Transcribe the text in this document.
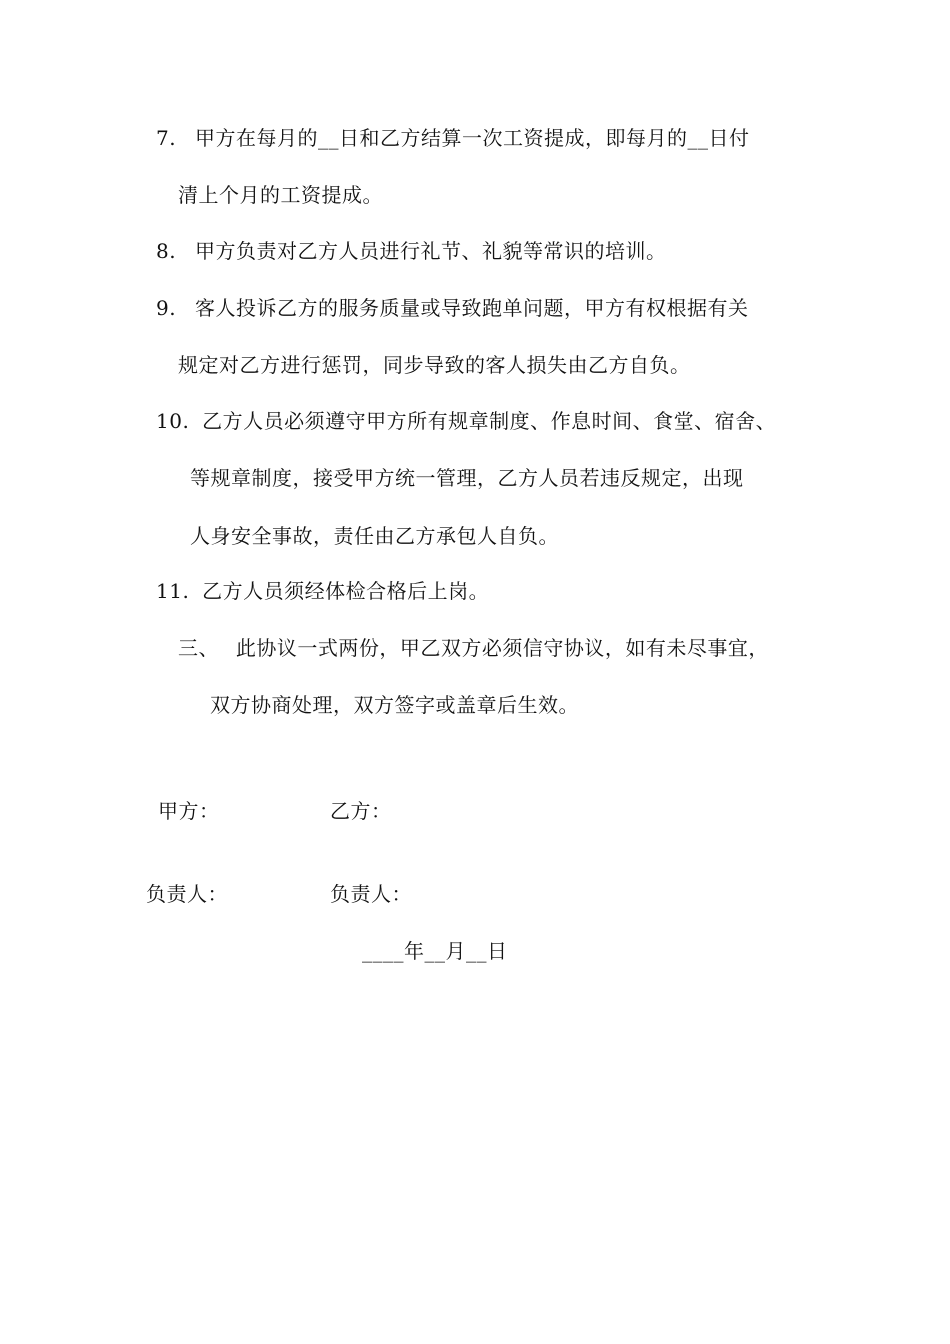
7. 甲方在每月的__日和乙方结算一次工资提成，即每月的__日付
清上个月的工资提成。
8. 甲方负责对乙方人员进行礼节、礼貌等常识的培训。
9. 客人投诉乙方的服务质量或导致跑单问题，甲方有权根据有关
规定对乙方进行惩罚，同步导致的客人损失由乙方自负。
10. 乙方人员必须遵守甲方所有规章制度、作息时间、食堂、宿舍、
等规章制度，接受甲方统一管理，乙方人员若违反规定，出现
人身安全事故，责任由乙方承包人自负。
11. 乙方人员须经体检合格后上岗。
三、 此协议一式两份，甲乙双方必须信守协议，如有未尽事宜，
双方协商处理，双方签字或盖章后生效。
甲方：	乙方：
负责人：	负责人：
____年__月__日
